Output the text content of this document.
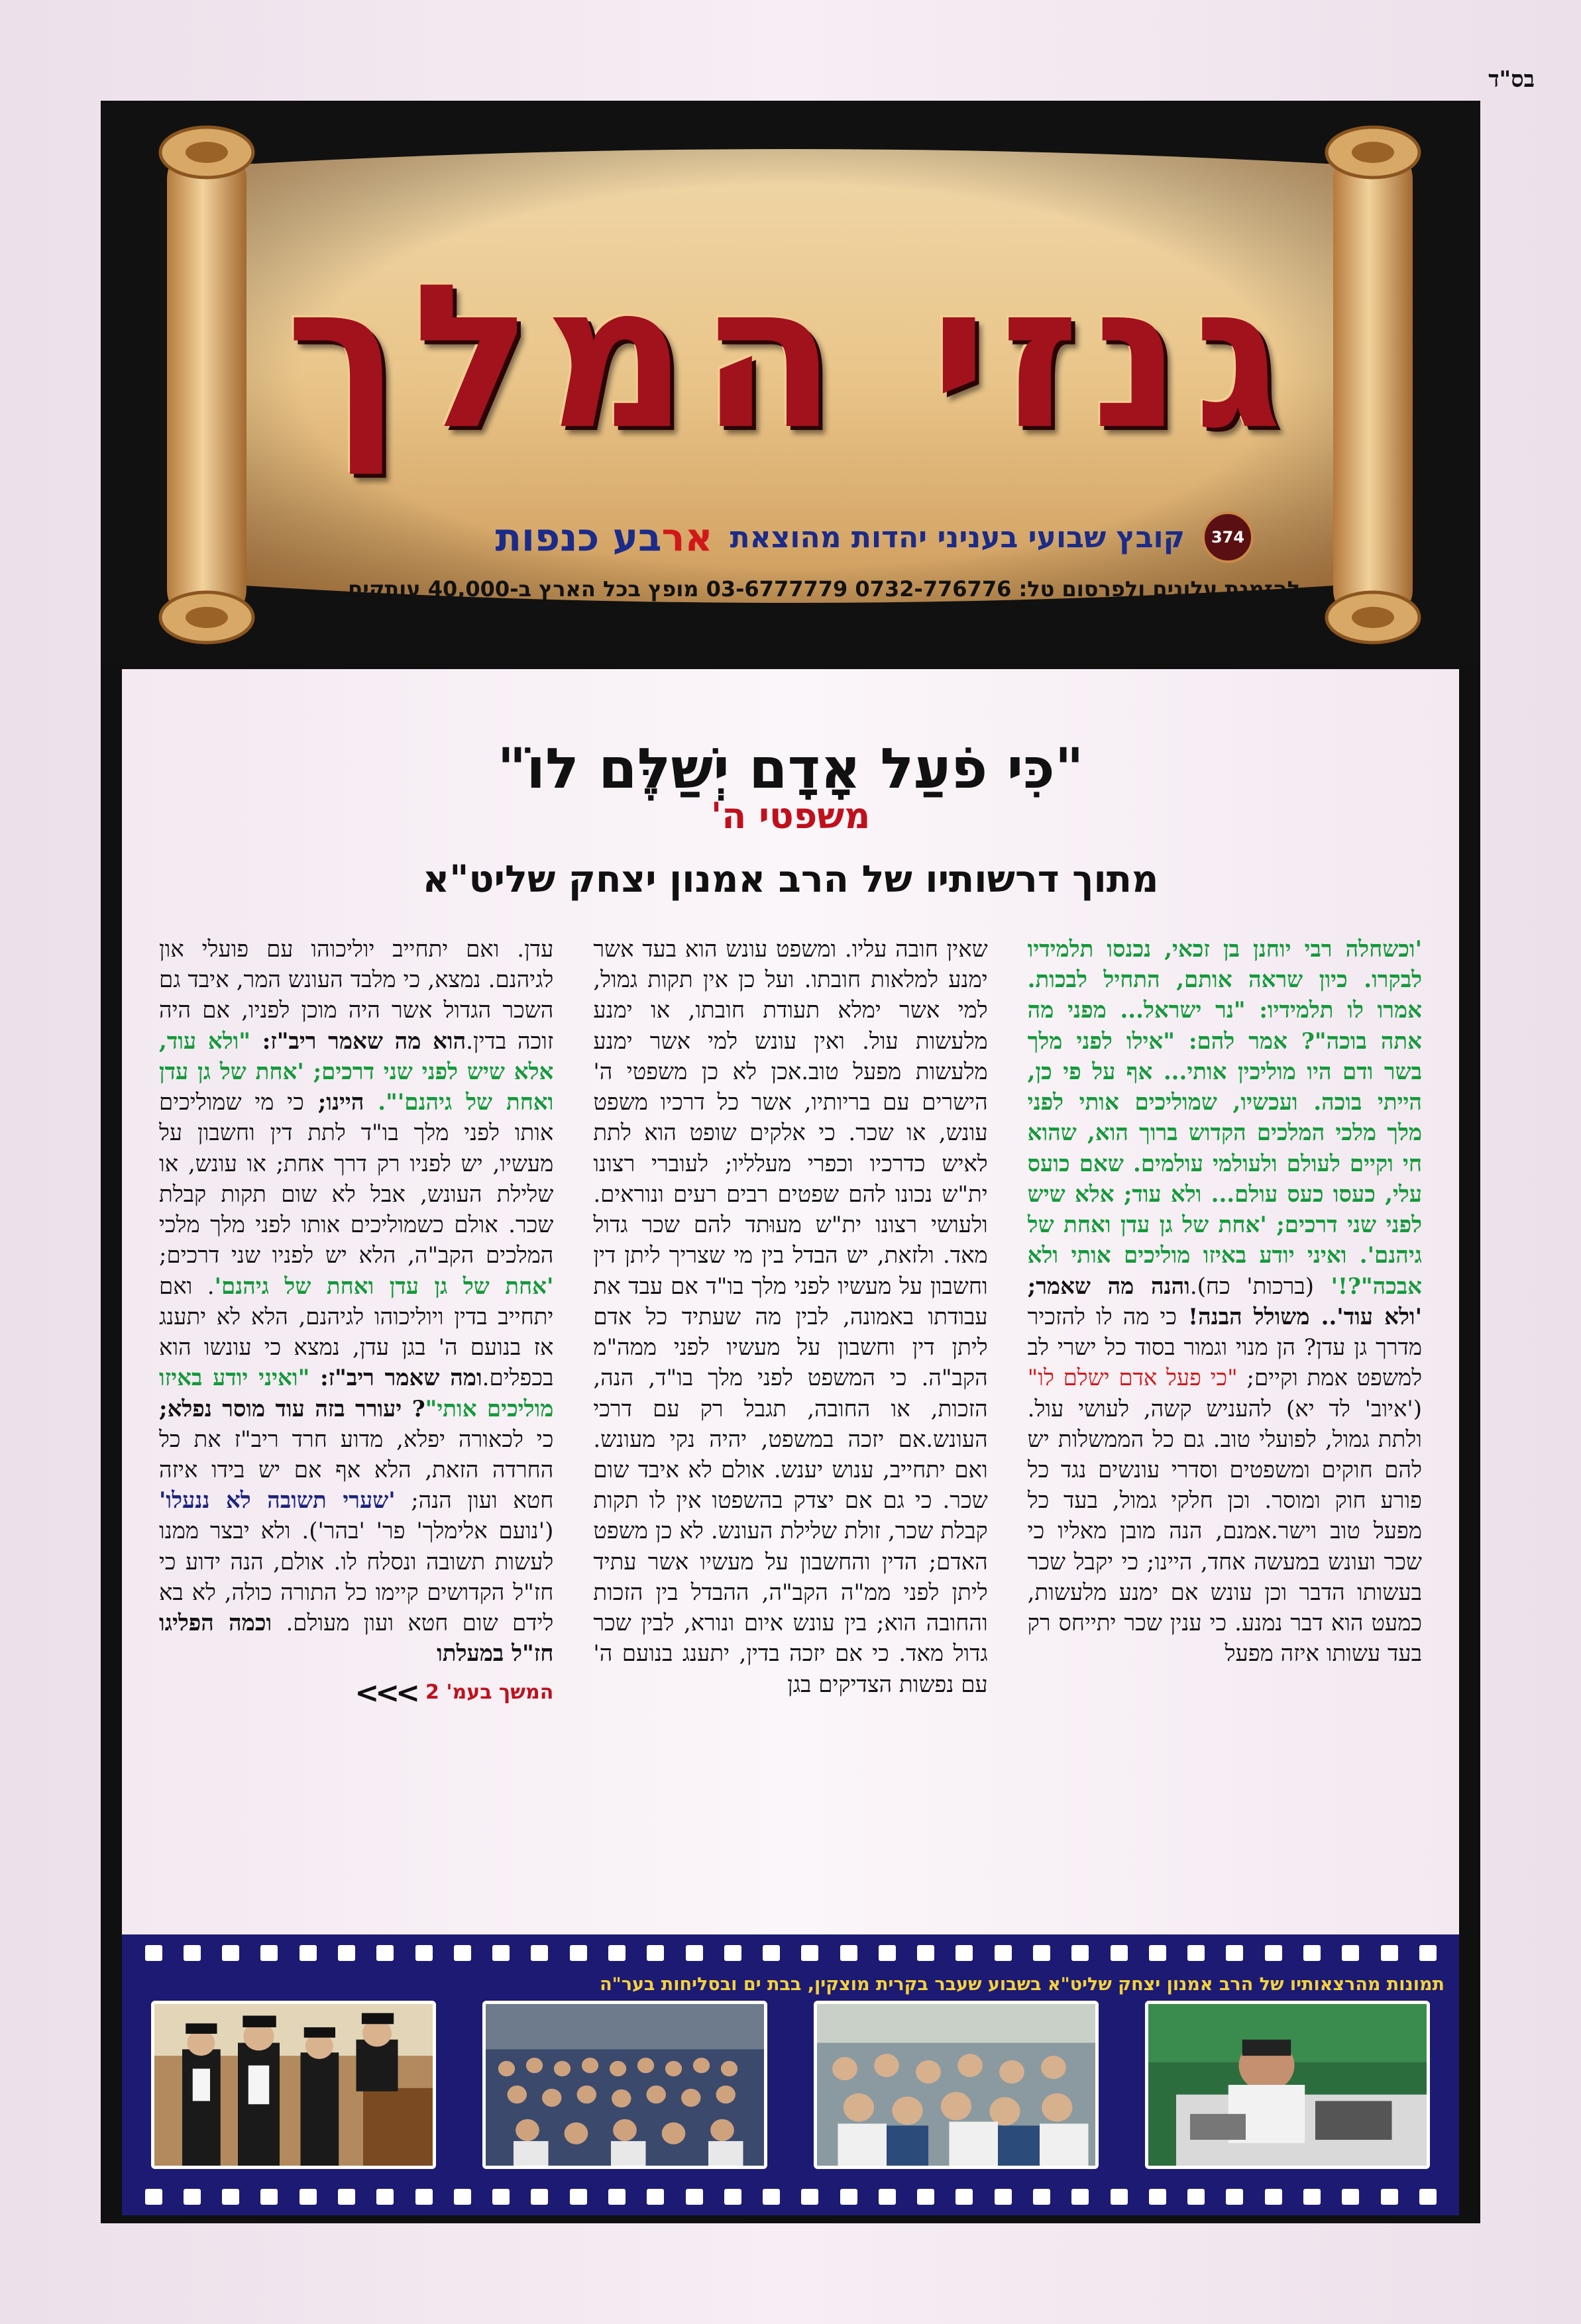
בס"ד
גנזי המלך
374
קובץ שבועי בעניני יהדות מהוצאת
ארבע כנפות
להזמנת עלונים ולפרסום טל: 0732-776776 03-6777779 מופץ בכל הארץ ב-40,000 עותקים
"כִּי פֹעַל אָדָם יְשַׁלֶּם לוֹ"
משפטי ה'
מתוך דרשותיו של הרב אמנון יצחק שליט"א
'וכשחלה רבי יוחנן בן זכאי, נכנסו תלמידיו לבקרו. כיון שראה אותם, התחיל לבכות. אמרו לו תלמידיו: "נר ישראל... מפני מה אתה בוכה"? אמר להם: "אילו לפני מלך בשר ודם היו מוליכין אותי... אף על פי כן, הייתי בוכה. ועכשיו, שמוליכים אותי לפני מלך מלכי המלכים הקדוש ברוך הוא, שהוא חי וקיים לעולם ולעולמי עולמים. שאם כועס עלי, כעסו כעס עולם... ולא עוד; אלא שיש לפני שני דרכים; 'אחת של גן עדן ואחת של גיהנם'. ואיני יודע באיזו מוליכים אותי ולא אבכה"?!' (ברכות' כח).והנה מה שאמר; 'ולא עוד'.. משולל הבנה! כי מה לו להזכיר מדרך גן עדן? הן מנוי וגמור בסוד כל ישרי לב למשפט אמת וקיים; "כי פעל אדם ישלם לו" ('איוב' לד יא) להעניש קשה, לעושי עול. ולתת גמול, לפועלי טוב. גם כל הממשלות יש להם חוקים ומשפטים וסדרי עונשים נגד כל פורע חוק ומוסר. וכן חלקי גמול, בעד כל מפעל טוב וישר.אמנם, הנה מובן מאליו כי שכר ועונש במעשה אחד, היינו; כי יקבל שכר בעשותו הדבר וכן עונש אם ימנע מלעשות, כמעט הוא דבר נמנע. כי ענין שכר יתייחס רק בעד עשותו איזה מפעל
שאין חובה עליו. ומשפט עונש הוא בעד אשר ימנע למלאות חובתו. ועל כן אין תקות גמול, למי אשר ימלא תעודת חובתו, או ימנע מלעשות עול. ואין עונש למי אשר ימנע מלעשות מפעל טוב.אכן לא כן משפטי ה' הישרים עם בריותיו, אשר כל דרכיו משפט עונש, או שכר. כי אלקים שופט הוא לתת לאיש כדרכיו וכפרי מעלליו; לעוברי רצונו ית"ש נכונו להם שפטים רבים רעים ונוראים. ולעושי רצונו ית"ש מעוּתד להם שכר גדול מאד. ולזאת, יש הבדל בין מי שצריך ליתן דין וחשבון על מעשיו לפני מלך בו"ד אם עבד את עבודתו באמונה, לבין מה שעתיד כל אדם ליתן דין וחשבון על מעשיו לפני ממה"מ הקב"ה. כי המשפט לפני מלך בו"ד, הנה, הזכות, או החובה, תגבל רק עם דרכי העונש.אם יזכה במשפט, יהיה נקי מעונש. ואם יתחייב, ענוש יענש. אולם לא איבד שום שכר. כי גם אם יצדק בהשפטו אין לו תקות קבלת שכר, זולת שלילת העונש. לא כן משפט האדם; הדין והחשבון על מעשיו אשר עתיד ליתן לפני ממ"ה הקב"ה, ההבדל בין הזכות והחובה הוא; בין עונש איום ונורא, לבין שכר גדול מאד. כי אם יזכה בדין, יתענג בנועם ה' עם נפשות הצדיקים בגן
עדן. ואם יתחייב יוליכוהו עם פועלי און לגיהנם. נמצא, כי מלבד העונש המר, איבד גם השכר הגדול אשר היה מוכן לפניו, אם היה זוכה בדין.הוא מה שאמר ריב"ז: "ולא עוד, אלא שיש לפני שני דרכים; 'אחת של גן עדן ואחת של גיהנם'". היינו; כי מי שמוליכים אותו לפני מלך בו"ד לתת דין וחשבון על מעשיו, יש לפניו רק דרך אחת; או עונש, או שלילת העונש, אבל לא שום תקות קבלת שכר. אולם כשמוליכים אותו לפני מלך מלכי המלכים הקב"ה, הלא יש לפניו שני דרכים; 'אחת של גן עדן ואחת של גיהנם'. ואם יתחייב בדין ויוליכוהו לגיהנם, הלא לא יתענג אז בנועם ה' בגן עדן, נמצא כי עונשו הוא בכפלים.ומה שאמר ריב"ז: "ואיני יודע באיזו מוליכים אותי"? יעורר בזה עוד מוסר נפלא; כי לכאורה יפלא, מדוע חרד ריב"ז את כל החרדה הזאת, הלא אף אם יש בידו איזה חטא ועון הנה; 'שערי תשובה לא ננעלו' ('נועם אלימלך' פר' 'בהר'). ולא יבצר ממנו לעשות תשובה ונסלח לו. אולם, הנה ידוע כי חז"ל הקדושים קיימו כל התורה כולה, לא בא לידם שום חטא ועון מעולם. וכמה הפליגו חז"ל במעלתו
המשך בעמ' 2
<<<
תמונות מהרצאותיו של הרב אמנון יצחק שליט"א בשבוע שעבר בקרית מוצקין, בבת ים ובסליחות בער"ה
